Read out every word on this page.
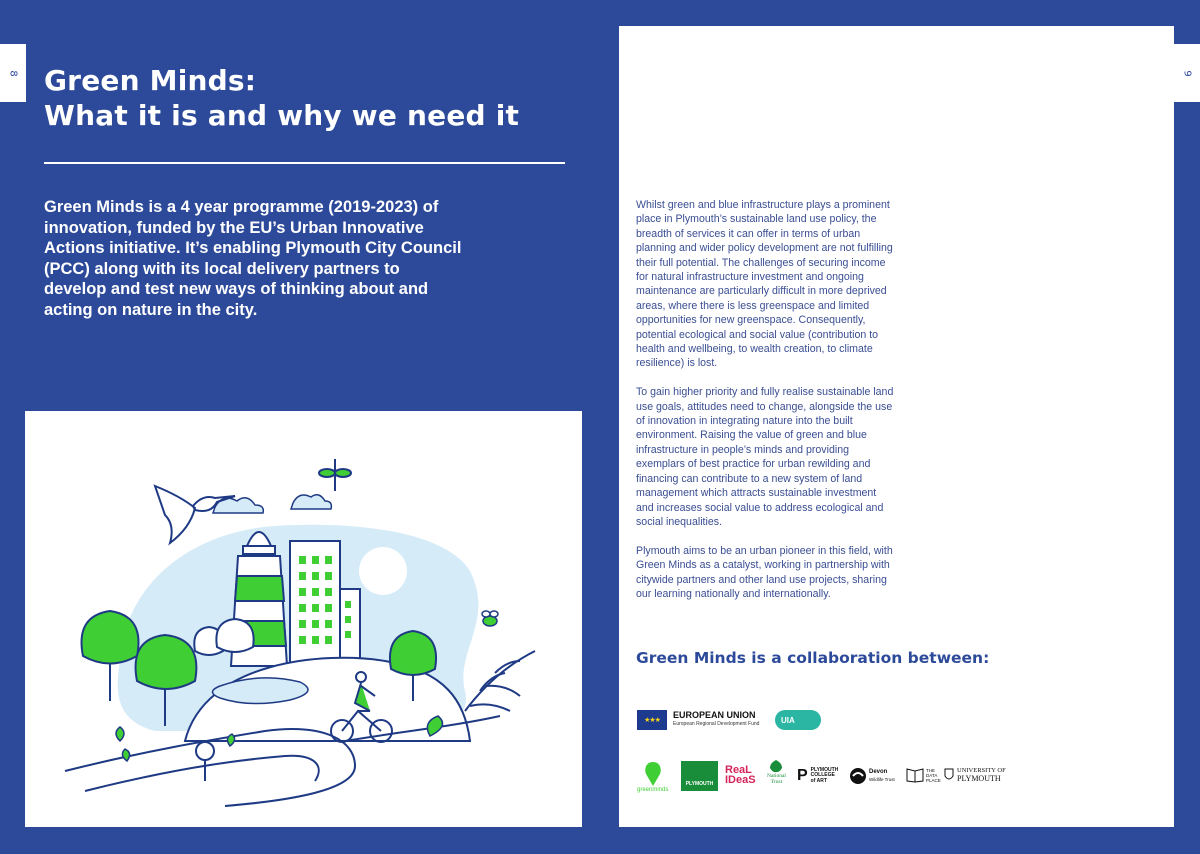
8 Green Minds:
What it is and why we need it

Green Minds is a 4 year programme (2019-2023) of innovation, funded by the EU’s Urban Innovative Actions initiative. It’s enabling Plymouth City Council (PCC) along with its local delivery partners to develop and test new ways of thinking about and acting on nature in the city.

Whilst green and blue infrastructure plays a prominent place in Plymouth’s sustainable land use policy, the breadth of services it can offer in terms of urban planning and wider policy development are not fulfilling their full potential. The challenges of securing income for natural infrastructure investment and ongoing maintenance are particularly difficult in more deprived areas, where there is less greenspace and limited opportunities for new greenspace. Consequently, potential ecological and social value (contribution to health and wellbeing, to wealth creation, to climate resilience) is lost.

To gain higher priority and fully realise sustainable land use goals, attitudes need to change, alongside the use of innovation in integrating nature into the built environment. Raising the value of green and blue infrastructure in people’s minds and providing exemplars of best practice for urban rewilding and financing can contribute to a new system of land management which attracts sustainable investment and increases social value to address ecological and social inequalities.

Plymouth aims to be an urban pioneer in this field, with Green Minds as a catalyst, working in partnership with citywide partners and other land use projects, sharing our learning nationally and internationally.

Green Minds is a collaboration between:
★★★	EUROPEAN UNION
European Regional Development Fund	UIA
greenminds
PLYMOUTH
ReaL
IDeaS National
Trust P PLYMOUTH
COLLEGE
of ART
Devon
Wildlife Trust
THE
DATA
PLACE
UNIVERSITY OF
PLYMOUTH
9
